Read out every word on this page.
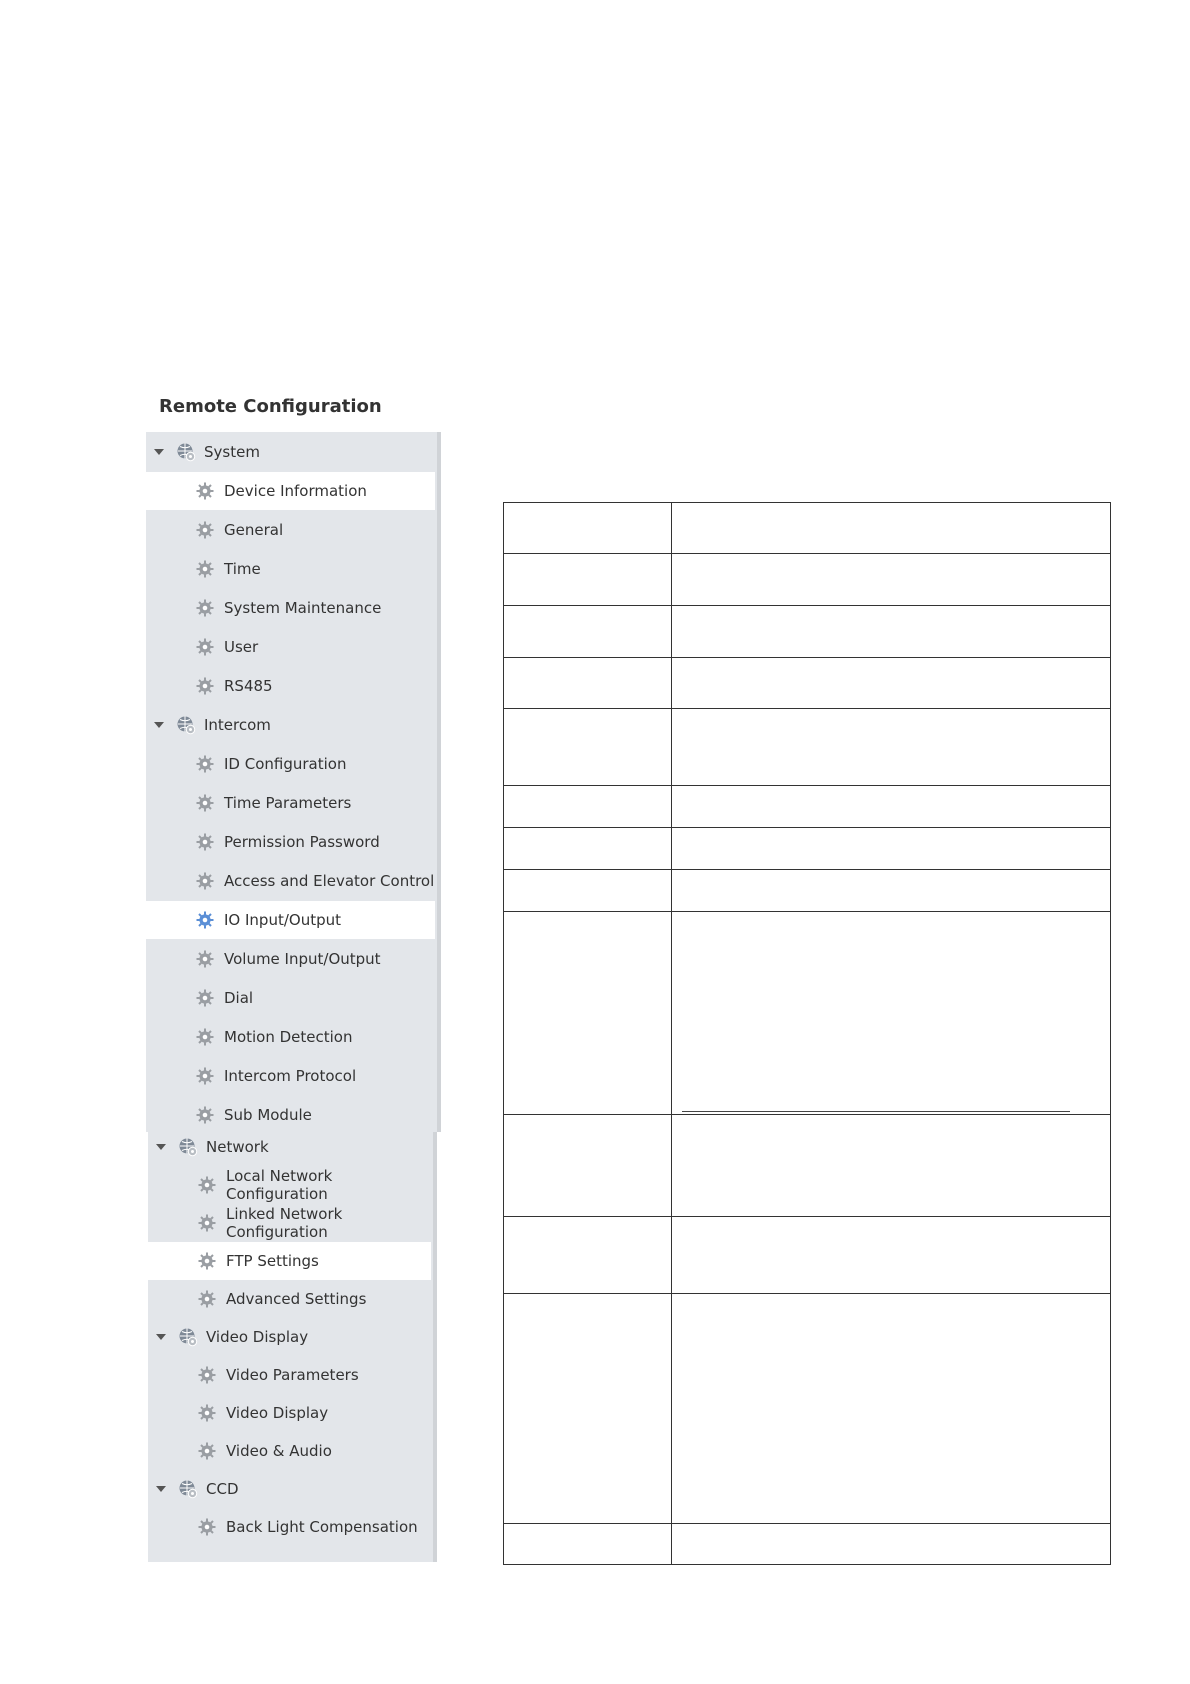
Remote Configuration
System
Device Information
General
Time
System Maintenance
User
RS485
Intercom
ID Configuration
Time Parameters
Permission Password
Access and Elevator Control
IO Input/Output
Volume Input/Output
Dial
Motion Detection
Intercom Protocol
Sub Module
Network
Local Network Configuration
Linked Network Configuration
FTP Settings
Advanced Settings
Video Display
Video Parameters
Video Display
Video & Audio
CCD
Back Light Compensation
